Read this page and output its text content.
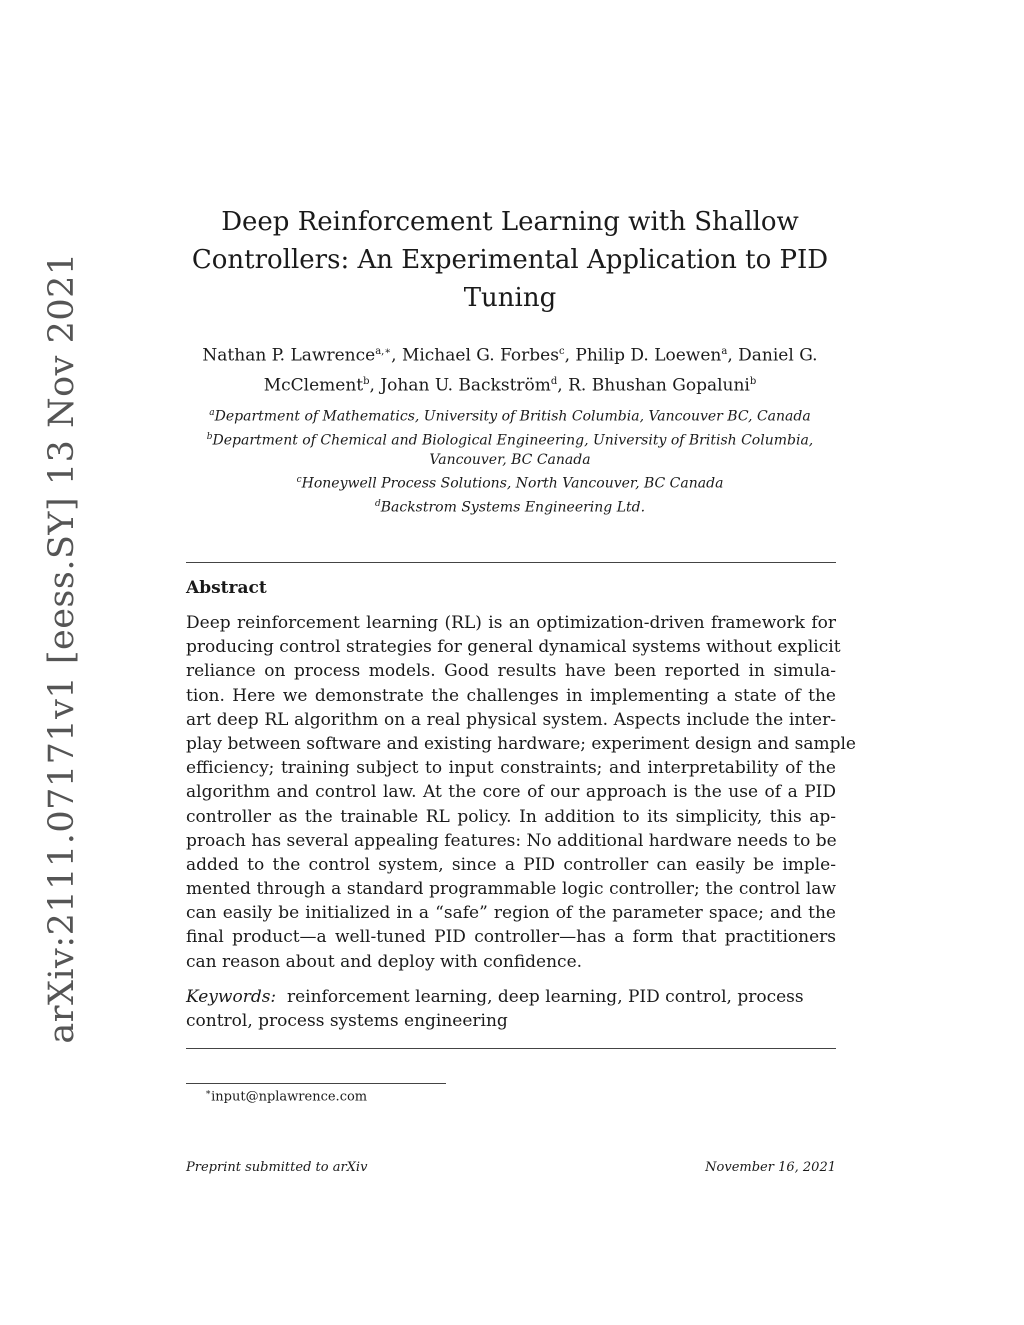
arXiv:2111.07171v1 [eess.SY] 13 Nov 2021
Deep Reinforcement Learning with Shallow
Controllers: An Experimental Application to PID
Tuning
Nathan P. Lawrence$^{a,∗}$, Michael G. Forbes$^c$, Philip D. Loewen$^a$, Daniel G.
McClement$^b$, Johan U. Backström$^d$, R. Bhushan Gopaluni$^b$
$^a$Department of Mathematics, University of British Columbia, Vancouver BC, Canada
$^b$Department of Chemical and Biological Engineering, University of British Columbia,
Vancouver, BC Canada
$^c$Honeywell Process Solutions, North Vancouver, BC Canada
$^d$Backstrom Systems Engineering Ltd.
Abstract
Deep reinforcement learning (RL) is an optimization-driven framework for
producing control strategies for general dynamical systems without explicit
reliance on process models. Good results have been reported in simula-
tion. Here we demonstrate the challenges in implementing a state of the
art deep RL algorithm on a real physical system. Aspects include the inter-
play between software and existing hardware; experiment design and sample
efficiency; training subject to input constraints; and interpretability of the
algorithm and control law. At the core of our approach is the use of a PID
controller as the trainable RL policy. In addition to its simplicity, this ap-
proach has several appealing features: No additional hardware needs to be
added to the control system, since a PID controller can easily be imple-
mented through a standard programmable logic controller; the control law
can easily be initialized in a “safe” region of the parameter space; and the
final product—a well-tuned PID controller—has a form that practitioners
can reason about and deploy with confidence.
Keywords: reinforcement learning, deep learning, PID control, process
control, process systems engineering
∗input@nplawrence.com
Preprint submitted to arXiv	November 16, 2021
